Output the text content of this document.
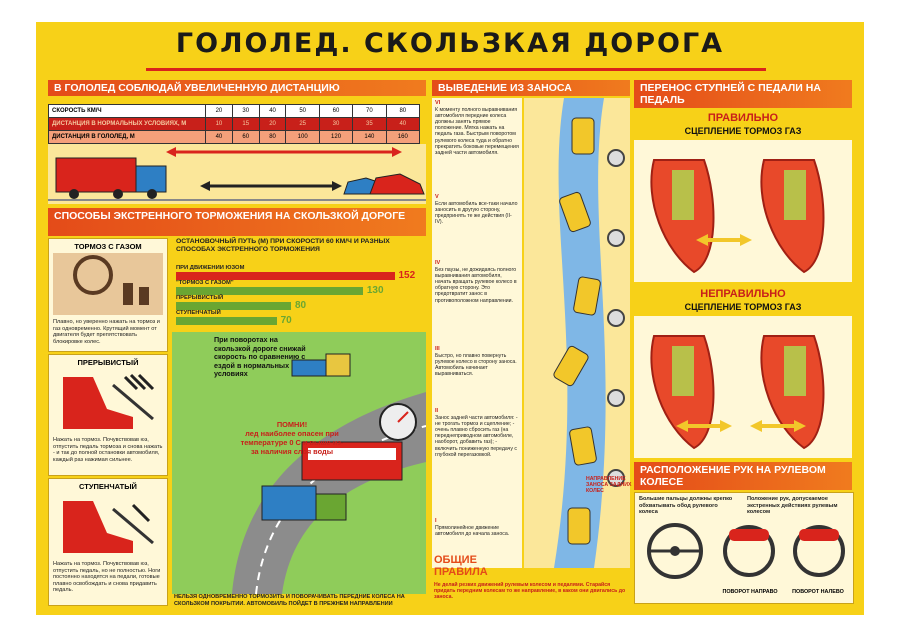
ГОЛОЛЕД. СКОЛЬЗКАЯ ДОРОГА
В ГОЛОЛЕД СОБЛЮДАЙ УВЕЛИЧЕННУЮ ДИСТАНЦИЮ
СКОРОСТЬ КМ/Ч	20	30	40	50	60	70	80
ДИСТАНЦИЯ В НОРМАЛЬНЫХ УСЛОВИЯХ, М	10	15	20	25	30	35	40
ДИСТАНЦИЯ В ГОЛОЛЕД, М	40	60	80	100	120	140	160
СПОСОБЫ ЭКСТРЕННОГО ТОРМОЖЕНИЯ НА СКОЛЬЗКОЙ ДОРОГЕ
ТОРМОЗ С ГАЗОМ
Плавно, но уверенно нажать на тормоз и газ одновременно. Крутящий момент от двигателя будет препятствовать блокировке колес.
ПРЕРЫВИСТЫЙ
Нажать на тормоз. Почувствовав юз, отпустить педаль тормоза и снова нажать - и так до полной остановки автомобиля, каждый раз нажимая сильнее.
СТУПЕНЧАТЫЙ
Нажать на тормоз. Почувствовав юз, отпустить педаль, но не полностью. Ноги постоянно находятся на педали, готовые плавно освобождать и снова придавить педаль.
ОСТАНОВОЧНЫЙ ПУТЬ (М) ПРИ СКОРОСТИ 60 КМ/Ч И РАЗНЫХ СПОСОБАХ ЭКСТРЕННОГО ТОРМОЖЕНИЯ
ПРИ ДВИЖЕНИИ ЮЗОМ
152
"ТОРМОЗ С ГАЗОМ"
130
ПРЕРЫВИСТЫЙ
80
СТУПЕНЧАТЫЙ
70
При поворотах на скользкой дороге снижай скорость по сравнению с ездой в нормальных условиях
ПОМНИ!
лед наиболее опасен при температуре 0 С и выше из-за наличия слоя воды
НЕЛЬЗЯ ОДНОВРЕМЕННО ТОРМОЗИТЬ И ПОВОРАЧИВАТЬ ПЕРЕДНИЕ КОЛЕСА НА СКОЛЬЗКОМ ПОКРЫТИИ. АВТОМОБИЛЬ ПОЙДЕТ В ПРЕЖНЕМ НАПРАВЛЕНИИ
ВЫВЕДЕНИЕ ИЗ ЗАНОСА
VI
К моменту полного выравнивания автомобиля передние колеса должны занять прямое положение. Мягка нажать на педаль газа. Быстрым поворотом рулевого колеса туда и обратно прекратить боковые перемещения задней части автомобиля.
V
Если автомобиль все-таки начало заносить в другую сторону, предпринять те же действия (II-IV).
IV
Без паузы, не дожидаясь полного выравнивания автомобиля, начать вращать рулевое колесо в обратную сторону. Это предотвратит занос в противоположном направлении.
III
Быстро, но плавно повернуть рулевое колесо в сторону заноса. Автомобиль начинает выравниваться.
II
Занос задней части автомобиля: - не трогать тормоз и сцепление; - очень плавно сбросить газ (на переднеприводном автомобиле, наоборот, добавить газ); - включить пониженную передачу с глубокой перегазовкой.
I
Прямолинейное движение автомобиля до начала заноса.
НАПРАВЛЕНИЕ ЗАНОСА ЗАДНИХ КОЛЕС
ОБЩИЕ ПРАВИЛА
Не делай резких движений рулевым колесом и педалями. Старайся придать передним колесам то же направление, в каком они двигались до заноса.
ПЕРЕНОС СТУПНЕЙ С ПЕДАЛИ НА ПЕДАЛЬ
ПРАВИЛЬНО
СЦЕПЛЕНИЕ ТОРМОЗ ГАЗ
НЕПРАВИЛЬНО
СЦЕПЛЕНИЕ ТОРМОЗ ГАЗ
РАСПОЛОЖЕНИЕ РУК НА РУЛЕВОМ КОЛЕСЕ
Большие пальцы должны крепко обхватывать обод рулевого колеса
Положение рук, допускаемое экстренных действиях рулевым колесом
ПОВОРОТ НАПРАВО	ПОВОРОТ НАЛЕВО
